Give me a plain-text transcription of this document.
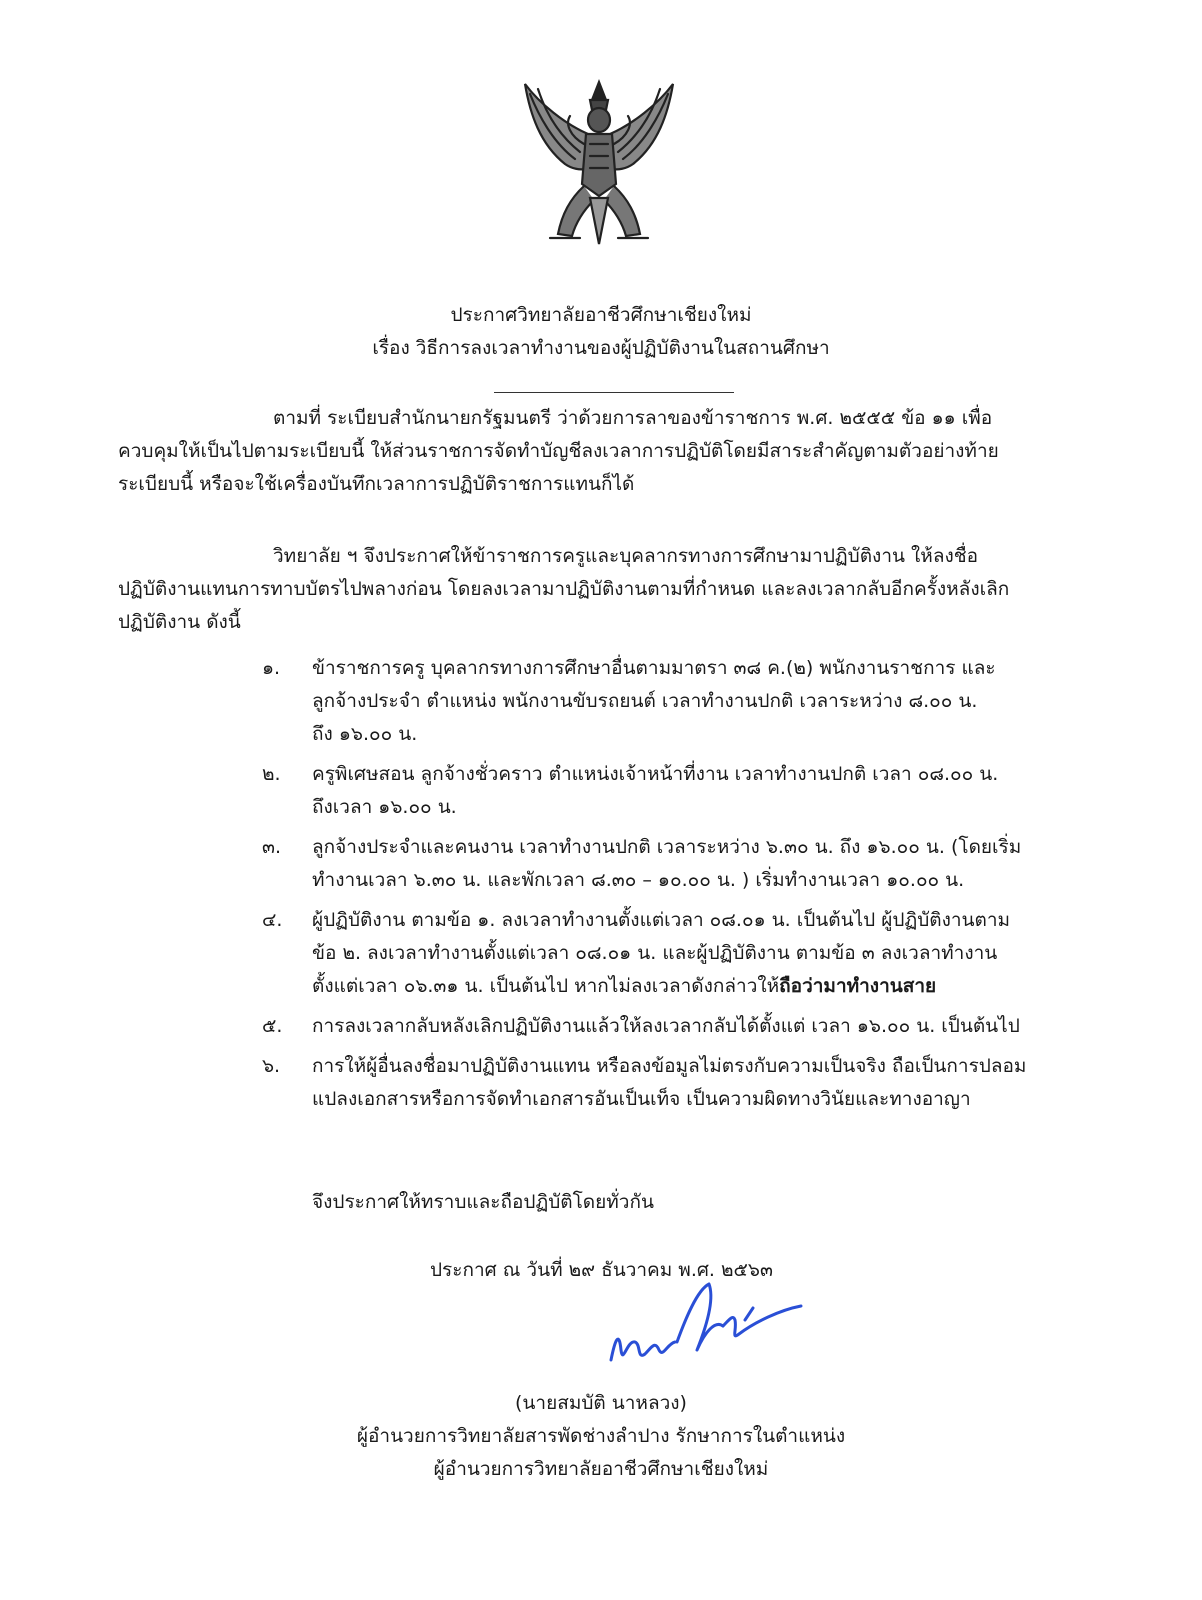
ประกาศวิทยาลัยอาชีวศึกษาเชียงใหม่
เรื่อง วิธีการลงเวลาทำงานของผู้ปฏิบัติงานในสถานศึกษา

ตามที่ ระเบียบสำนักนายกรัฐมนตรี ว่าด้วยการลาของข้าราชการ พ.ศ. ๒๕๕๕ ข้อ ๑๑ เพื่อ

ควบคุมให้เป็นไปตามระเบียบนี้ ให้ส่วนราชการจัดทำบัญชีลงเวลาการปฏิบัติโดยมีสาระสำคัญตามตัวอย่างท้าย

ระเบียบนี้ หรือจะใช้เครื่องบันทึกเวลาการปฏิบัติราชการแทนก็ได้

วิทยาลัย ฯ จึงประกาศให้ข้าราชการครูและบุคลากรทางการศึกษามาปฏิบัติงาน ให้ลงชื่อ

ปฏิบัติงานแทนการทาบบัตรไปพลางก่อน โดยลงเวลามาปฏิบัติงานตามที่กำหนด และลงเวลากลับอีกครั้งหลังเลิก

ปฏิบัติงาน ดังนี้

๑. ข้าราชการครู บุคลากรทางการศึกษาอื่นตามมาตรา ๓๘ ค.(๒) พนักงานราชการ และ
ลูกจ้างประจำ ตำแหน่ง พนักงานขับรถยนต์ เวลาทำงานปกติ เวลาระหว่าง ๘.๐๐ น.
ถึง ๑๖.๐๐ น.
๒. ครูพิเศษสอน ลูกจ้างชั่วคราว ตำแหน่งเจ้าหน้าที่งาน เวลาทำงานปกติ เวลา ๐๘.๐๐ น.
ถึงเวลา ๑๖.๐๐ น.
๓. ลูกจ้างประจำและคนงาน เวลาทำงานปกติ เวลาระหว่าง ๖.๓๐ น. ถึง ๑๖.๐๐ น. (โดยเริ่ม
ทำงานเวลา ๖.๓๐ น. และพักเวลา ๘.๓๐ – ๑๐.๐๐ น. ) เริ่มทำงานเวลา ๑๐.๐๐ น.
๔. ผู้ปฏิบัติงาน ตามข้อ ๑. ลงเวลาทำงานตั้งแต่เวลา ๐๘.๐๑ น. เป็นต้นไป ผู้ปฏิบัติงานตาม
ข้อ ๒. ลงเวลาทำงานตั้งแต่เวลา ๐๘.๐๑ น. และผู้ปฏิบัติงาน ตามข้อ ๓ ลงเวลาทำงาน
ตั้งแต่เวลา ๐๖.๓๑ น. เป็นต้นไป หากไม่ลงเวลาดังกล่าวให้ถือว่ามาทำงานสาย
๕. การลงเวลากลับหลังเลิกปฏิบัติงานแล้วให้ลงเวลากลับได้ตั้งแต่ เวลา ๑๖.๐๐ น. เป็นต้นไป
๖. การให้ผู้อื่นลงชื่อมาปฏิบัติงานแทน หรือลงข้อมูลไม่ตรงกับความเป็นจริง ถือเป็นการปลอม
แปลงเอกสารหรือการจัดทำเอกสารอันเป็นเท็จ เป็นความผิดทางวินัยและทางอาญา
จึงประกาศให้ทราบและถือปฏิบัติโดยทั่วกัน
ประกาศ ณ วันที่ ๒๙ ธันวาคม พ.ศ. ๒๕๖๓
(นายสมบัติ นาหลวง)
ผู้อำนวยการวิทยาลัยสารพัดช่างลำปาง รักษาการในตำแหน่ง
ผู้อำนวยการวิทยาลัยอาชีวศึกษาเชียงใหม่
